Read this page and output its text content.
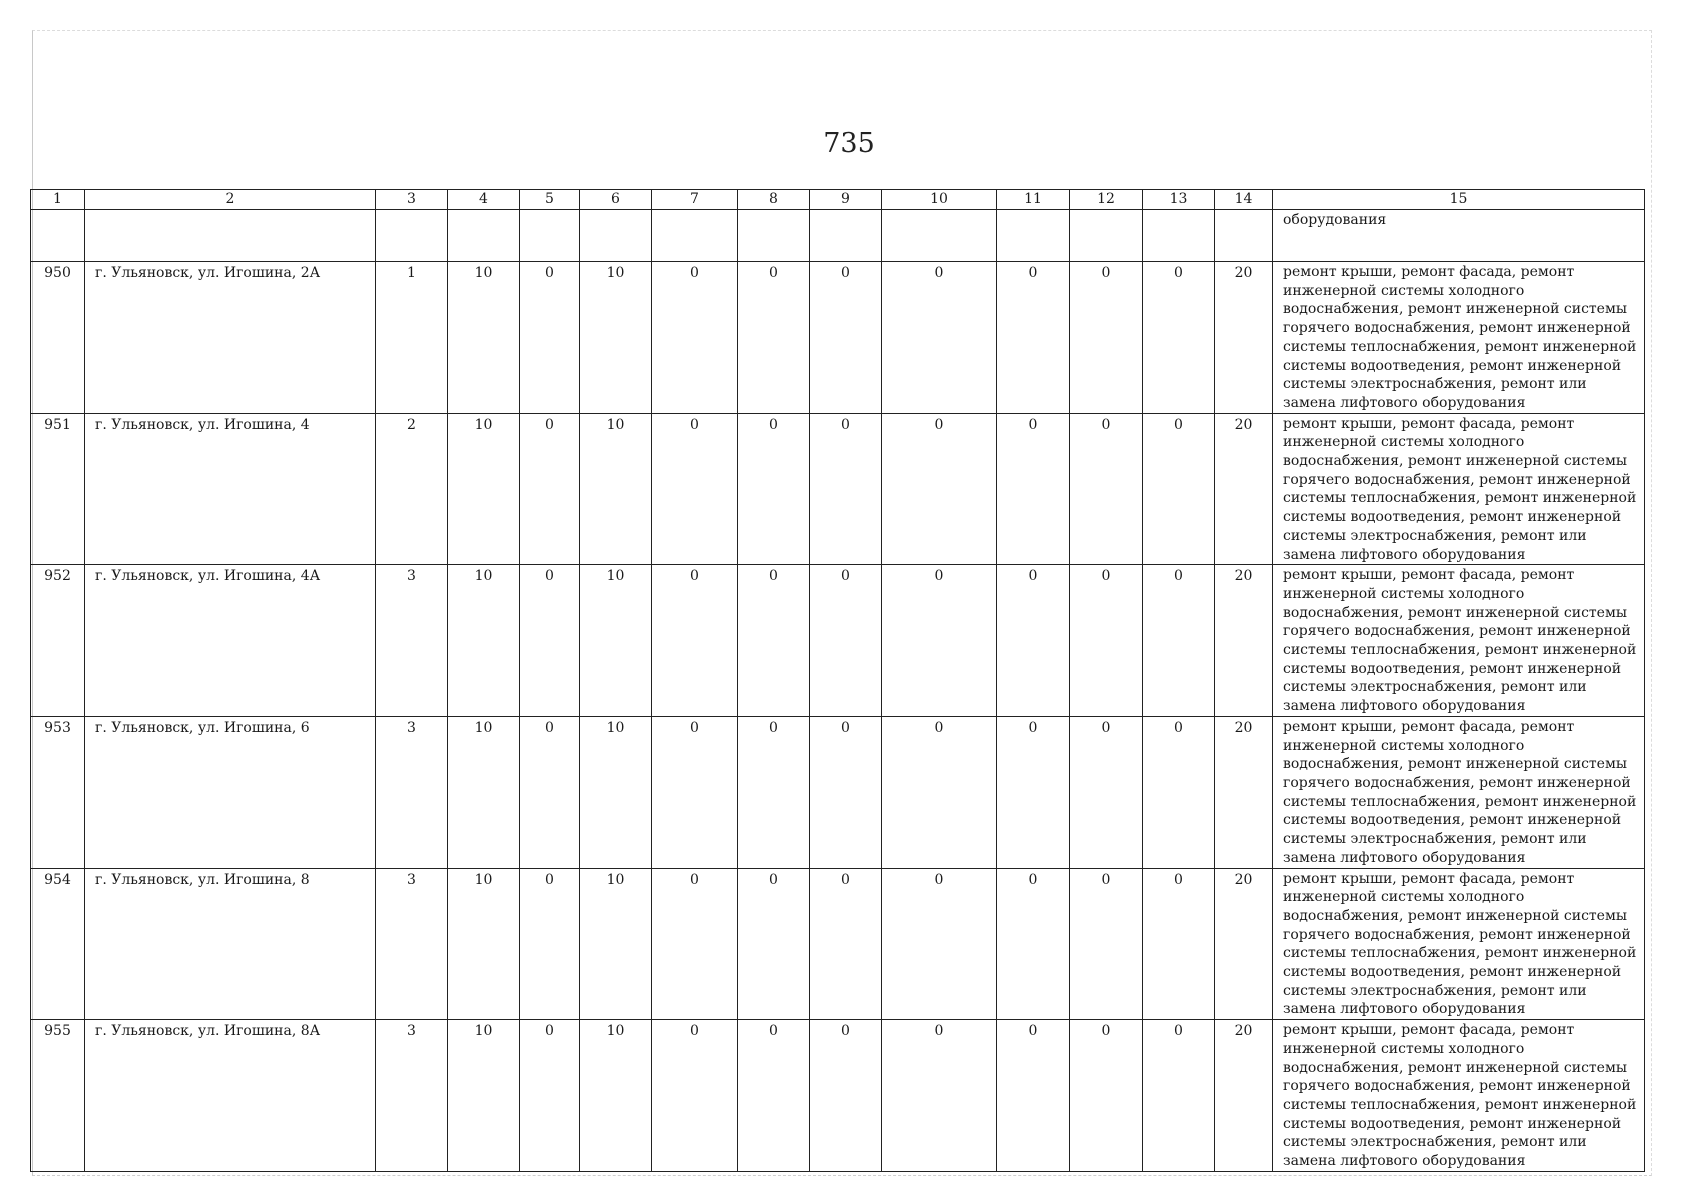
735
1	2	3	4	5	6	7	8	9	10	11	12	13	14	15
														оборудования
950	г. Ульяновск, ул. Игошина, 2А	1	10	0	10	0	0	0	0	0	0	0	20	ремонт крыши, ремонт фасада, ремонт инженерной системы холодного водоснабжения, ремонт инженерной системы горячего водоснабжения, ремонт инженерной системы теплоснабжения, ремонт инженерной системы водоотведения, ремонт инженерной системы электроснабжения, ремонт или замена лифтового оборудования
951	г. Ульяновск, ул. Игошина, 4	2	10	0	10	0	0	0	0	0	0	0	20	ремонт крыши, ремонт фасада, ремонт инженерной системы холодного водоснабжения, ремонт инженерной системы горячего водоснабжения, ремонт инженерной системы теплоснабжения, ремонт инженерной системы водоотведения, ремонт инженерной системы электроснабжения, ремонт или замена лифтового оборудования
952	г. Ульяновск, ул. Игошина, 4А	3	10	0	10	0	0	0	0	0	0	0	20	ремонт крыши, ремонт фасада, ремонт инженерной системы холодного водоснабжения, ремонт инженерной системы горячего водоснабжения, ремонт инженерной системы теплоснабжения, ремонт инженерной системы водоотведения, ремонт инженерной системы электроснабжения, ремонт или замена лифтового оборудования
953	г. Ульяновск, ул. Игошина, 6	3	10	0	10	0	0	0	0	0	0	0	20	ремонт крыши, ремонт фасада, ремонт инженерной системы холодного водоснабжения, ремонт инженерной системы горячего водоснабжения, ремонт инженерной системы теплоснабжения, ремонт инженерной системы водоотведения, ремонт инженерной системы электроснабжения, ремонт или замена лифтового оборудования
954	г. Ульяновск, ул. Игошина, 8	3	10	0	10	0	0	0	0	0	0	0	20	ремонт крыши, ремонт фасада, ремонт инженерной системы холодного водоснабжения, ремонт инженерной системы горячего водоснабжения, ремонт инженерной системы теплоснабжения, ремонт инженерной системы водоотведения, ремонт инженерной системы электроснабжения, ремонт или замена лифтового оборудования
955	г. Ульяновск, ул. Игошина, 8А	3	10	0	10	0	0	0	0	0	0	0	20	ремонт крыши, ремонт фасада, ремонт инженерной системы холодного водоснабжения, ремонт инженерной системы горячего водоснабжения, ремонт инженерной системы теплоснабжения, ремонт инженерной системы водоотведения, ремонт инженерной системы электроснабжения, ремонт или замена лифтового оборудования
